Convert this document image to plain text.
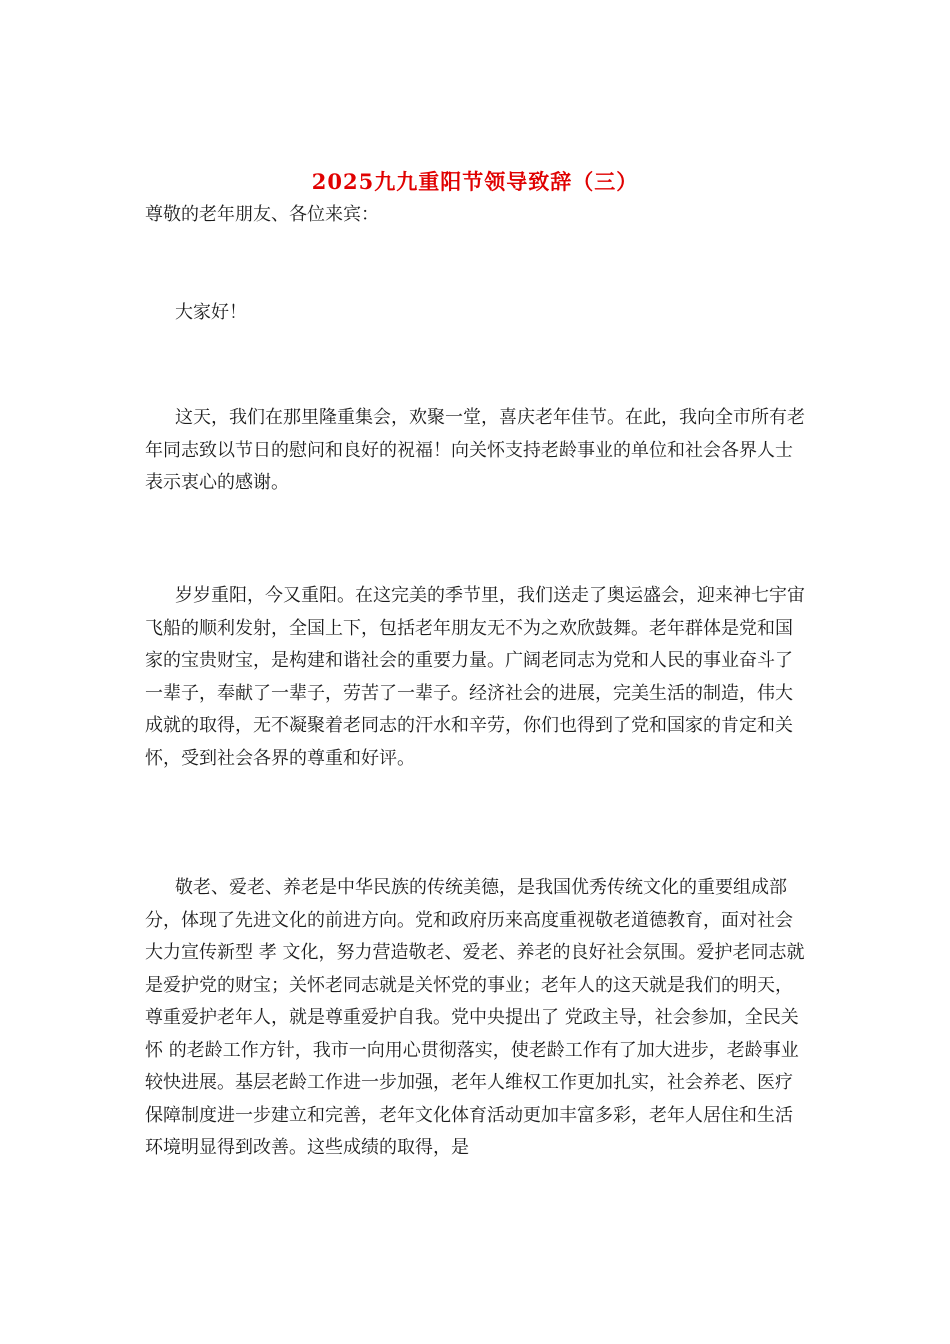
2025九九重阳节领导致辞（三）

尊敬的老年朋友、各位来宾：

大家好！

这天，我们在那里隆重集会，欢聚一堂，喜庆老年佳节。在此，我向全市所有老年同志致以节日的慰问和良好的祝福！向关怀支持老龄事业的单位和社会各界人士表示衷心的感谢。

岁岁重阳，今又重阳。在这完美的季节里，我们送走了奥运盛会，迎来神七宇宙飞船的顺利发射，全国上下，包括老年朋友无不为之欢欣鼓舞。老年群体是党和国家的宝贵财宝，是构建和谐社会的重要力量。广阔老同志为党和人民的事业奋斗了一辈子，奉献了一辈子，劳苦了一辈子。经济社会的进展，完美生活的制造，伟大成就的取得，无不凝聚着老同志的汗水和辛劳，你们也得到了党和国家的肯定和关怀，受到社会各界的尊重和好评。

敬老、爱老、养老是中华民族的传统美德，是我国优秀传统文化的重要组成部分，体现了先进文化的前进方向。党和政府历来高度重视敬老道德教育，面对社会大力宣传新型 孝 文化，努力营造敬老、爱老、养老的良好社会氛围。爱护老同志就是爱护党的财宝；关怀老同志就是关怀党的事业；老年人的这天就是我们的明天，尊重爱护老年人，就是尊重爱护自我。党中央提出了 党政主导，社会参加，全民关怀 的老龄工作方针，我市一向用心贯彻落实，使老龄工作有了加大进步，老龄事业较快进展。基层老龄工作进一步加强，老年人维权工作更加扎实，社会养老、医疗保障制度进一步建立和完善，老年文化体育活动更加丰富多彩，老年人居住和生活环境明显得到改善。这些成绩的取得，是
